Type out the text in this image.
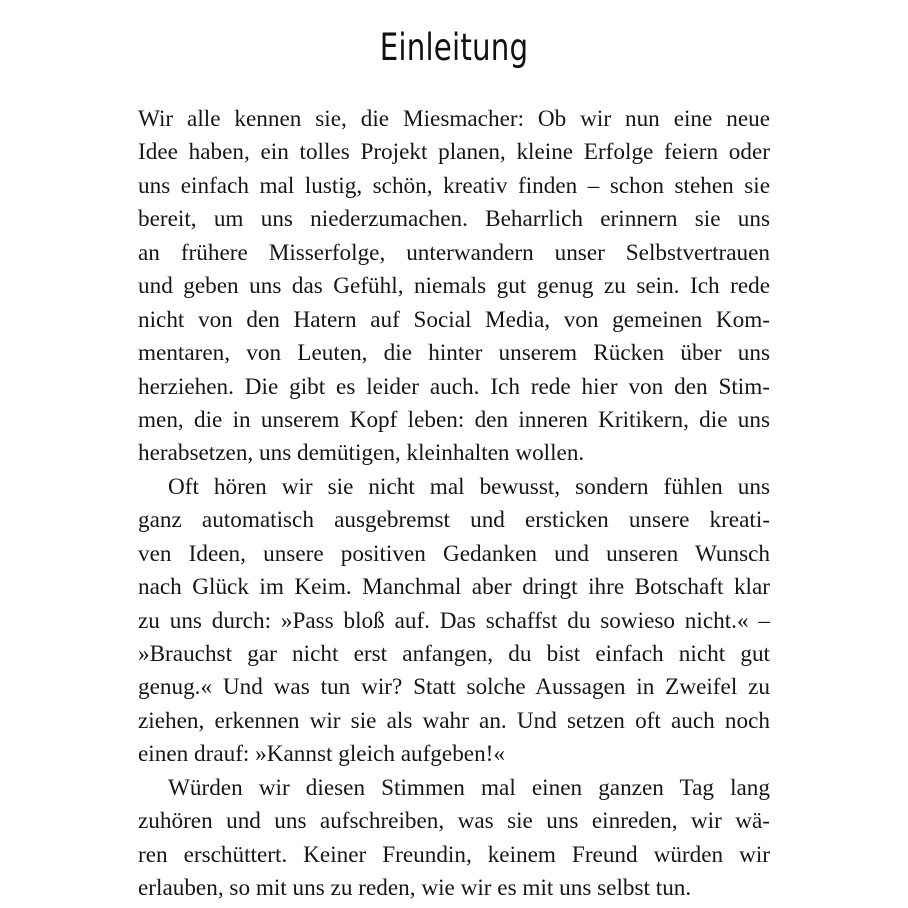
Einleitung

Wir alle kennen sie, die Miesmacher: Ob wir nun eine neue
Idee haben, ein tolles Projekt planen, kleine Erfolge feiern oder
uns einfach mal lustig, schön, kreativ finden – schon stehen sie
bereit, um uns niederzumachen. Beharrlich erinnern sie uns
an frühere Misserfolge, unterwandern unser Selbstvertrauen
und geben uns das Gefühl, niemals gut genug zu sein. Ich rede
nicht von den Hatern auf Social Media, von gemeinen Kom-
mentaren, von Leuten, die hinter unserem Rücken über uns
herziehen. Die gibt es leider auch. Ich rede hier von den Stim-
men, die in unserem Kopf leben: den inneren Kritikern, die uns
herabsetzen, uns demütigen, kleinhalten wollen.

Oft hören wir sie nicht mal bewusst, sondern fühlen uns
ganz automatisch ausgebremst und ersticken unsere kreati-
ven Ideen, unsere positiven Gedanken und unseren Wunsch
nach Glück im Keim. Manchmal aber dringt ihre Botschaft klar
zu uns durch: »Pass bloß auf. Das schaffst du sowieso nicht.« –
»Brauchst gar nicht erst anfangen, du bist einfach nicht gut
genug.« Und was tun wir? Statt solche Aussagen in Zweifel zu
ziehen, erkennen wir sie als wahr an. Und setzen oft auch noch
einen drauf: »Kannst gleich aufgeben!«

Würden wir diesen Stimmen mal einen ganzen Tag lang
zuhören und uns aufschreiben, was sie uns einreden, wir wä-
ren erschüttert. Keiner Freundin, keinem Freund würden wir
erlauben, so mit uns zu reden, wie wir es mit uns selbst tun.
